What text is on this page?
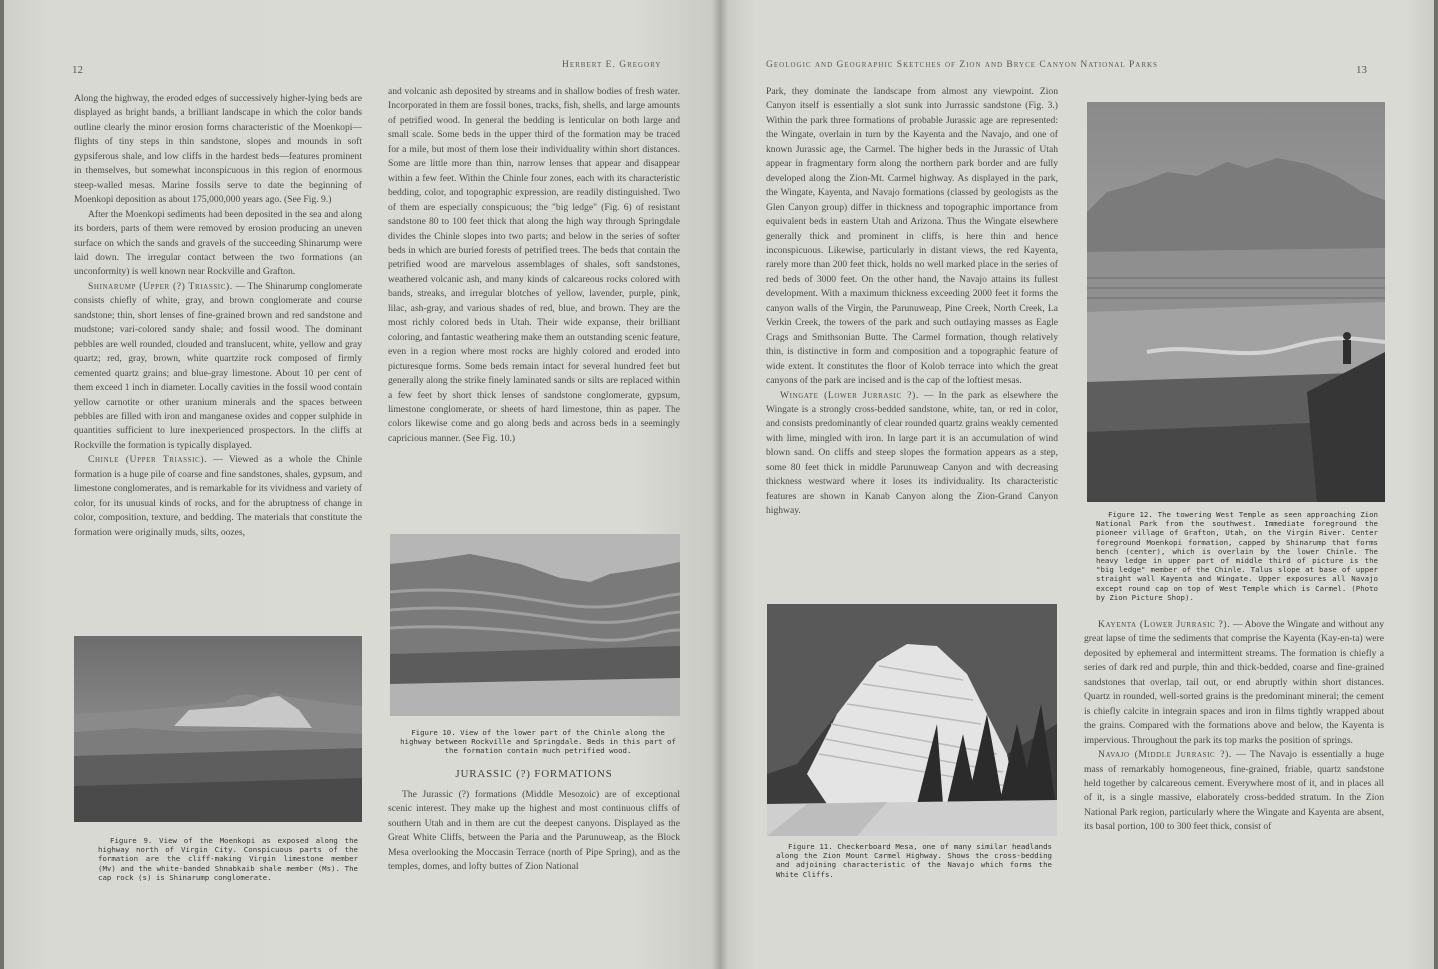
Herbert E. Gregory
12

Along the highway, the eroded edges of successively higher-lying beds are displayed as bright bands, a brilliant landscape in which the color bands outline clearly the minor erosion forms characteristic of the Moenkopi—flights of tiny steps in thin sandstone, slopes and mounds in soft gypsiferous shale, and low cliffs in the hardest beds—features prominent in themselves, but somewhat inconspicuous in this region of enormous steep-walled mesas. Marine fossils serve to date the beginning of Moenkopi deposition as about 175,000,000 years ago. (See Fig. 9.)

After the Moenkopi sediments had been deposited in the sea and along its borders, parts of them were removed by erosion producing an uneven surface on which the sands and gravels of the succeeding Shinarump were laid down. The irregular contact between the two formations (an unconformity) is well known near Rockville and Grafton.

Shinarump (Upper (?) Triassic). — The Shinarump conglomerate consists chiefly of white, gray, and brown conglomerate and course sandstone; thin, short lenses of fine-grained brown and red sandstone and mudstone; vari-colored sandy shale; and fossil wood. The dominant pebbles are well rounded, clouded and translucent, white, yellow and gray quartz; red, gray, brown, white quartzite rock composed of firmly cemented quartz grains; and blue-gray limestone. About 10 per cent of them exceed 1 inch in diameter. Locally cavities in the fossil wood contain yellow carnotite or other uranium minerals and the spaces between pebbles are filled with iron and manganese oxides and copper sulphide in quantities sufficient to lure inexperienced prospectors. In the cliffs at Rockville the formation is typically displayed.

Chinle (Upper Triassic). — Viewed as a whole the Chinle formation is a huge pile of coarse and fine sandstones, shales, gypsum, and limestone conglomerates, and is remarkable for its vividness and variety of color, for its unusual kinds of rocks, and for the abruptness of change in color, composition, texture, and bedding. The materials that constitute the formation were originally muds, silts, oozes,

and volcanic ash deposited by streams and in shallow bodies of fresh water. Incorporated in them are fossil bones, tracks, fish, shells, and large amounts of petrified wood. In general the bedding is lenticular on both large and small scale. Some beds in the upper third of the formation may be traced for a mile, but most of them lose their individuality within short distances. Some are little more than thin, narrow lenses that appear and disappear within a few feet. Within the Chinle four zones, each with its characteristic bedding, color, and topographic expression, are readily distinguished. Two of them are especially conspicuous; the "big ledge" (Fig. 6) of resistant sandstone 80 to 100 feet thick that along the high way through Springdale divides the Chinle slopes into two parts; and below in the series of softer beds in which are buried forests of petrified trees. The beds that contain the petrified wood are marvelous assemblages of shales, soft sandstones, weathered volcanic ash, and many kinds of calcareous rocks colored with bands, streaks, and irregular blotches of yellow, lavender, purple, pink, lilac, ash-gray, and various shades of red, blue, and brown. They are the most richly colored beds in Utah. Their wide expanse, their brilliant coloring, and fantastic weathering make them an outstanding scenic feature, even in a region where most rocks are highly colored and eroded into picturesque forms. Some beds remain intact for several hundred feet but generally along the strike finely laminated sands or silts are replaced within a few feet by short thick lenses of sandstone conglomerate, gypsum, limestone conglomerate, or sheets of hard limestone, thin as paper. The colors likewise come and go along beds and across beds in a seemingly capricious manner. (See Fig. 10.)

Figure 9. View of the Moenkopi as exposed along the highway north of Virgin City. Conspicuous parts of the formation are the cliff-making Virgin limestone member (Mv) and the white-banded Shnabkaib shale member (Ms). The cap rock (s) is Shinarump conglomerate.

Figure 10. View of the lower part of the Chinle along the highway between Rockville and Springdale. Beds in this part of the formation contain much petrified wood.

JURASSIC (?) FORMATIONS

The Jurassic (?) formations (Middle Mesozoic) are of exceptional scenic interest. They make up the highest and most continuous cliffs of southern Utah and in them are cut the deepest canyons. Displayed as the Great White Cliffs, between the Paria and the Parunuweap, as the Block Mesa overlooking the Moccasin Terrace (north of Pipe Spring), and as the temples, domes, and lofty buttes of Zion National

Geologic and Geographic Sketches of Zion and Bryce Canyon National Parks	13

Park, they dominate the landscape from almost any viewpoint. Zion Canyon itself is essentially a slot sunk into Jurrassic sandstone (Fig. 3.) Within the park three formations of probable Jurassic age are represented: the Wingate, overlain in turn by the Kayenta and the Navajo, and one of known Jurassic age, the Carmel. The higher beds in the Jurassic of Utah appear in fragmentary form along the northern park border and are fully developed along the Zion-Mt. Carmel highway. As displayed in the park, the Wingate, Kayenta, and Navajo formations (classed by geologists as the Glen Canyon group) differ in thickness and topographic importance from equivalent beds in eastern Utah and Arizona. Thus the Wingate elsewhere generally thick and prominent in cliffs, is here thin and hence inconspicuous. Likewise, particularly in distant views, the red Kayenta, rarely more than 200 feet thick, holds no well marked place in the series of red beds of 3000 feet. On the other hand, the Navajo attains its fullest development. With a maximum thickness exceeding 2000 feet it forms the canyon walls of the Virgin, the Parunuweap, Pine Creek, North Creek, La Verkin Creek, the towers of the park and such outlaying masses as Eagle Crags and Smithsonian Butte. The Carmel formation, though relatively thin, is distinctive in form and composition and a topographic feature of wide extent. It constitutes the floor of Kolob terrace into which the great canyons of the park are incised and is the cap of the loftiest mesas.

Wingate (Lower Jurrasic ?). — In the park as elsewhere the Wingate is a strongly cross-bedded sandstone, white, tan, or red in color, and consists predominantly of clear rounded quartz grains weakly cemented with lime, mingled with iron. In large part it is an accumulation of wind blown sand. On cliffs and steep slopes the formation appears as a step, some 80 feet thick in middle Parunuweap Canyon and with decreasing thickness westward where it loses its individuality. Its characteristic features are shown in Kanab Canyon along the Zion-Grand Canyon highway.

Figure 11. Checkerboard Mesa, one of many similar headlands along the Zion Mount Carmel Highway. Shows the cross-bedding and adjoining characteristic of the Navajo which forms the White Cliffs.

Figure 12. The towering West Temple as seen approaching Zion National Park from the southwest. Immediate foreground the pioneer village of Grafton, Utah, on the Virgin River. Center foreground Moenkopi formation, capped by Shinarump that forms bench (center), which is overlain by the lower Chinle. The heavy ledge in upper part of middle third of picture is the "big ledge" member of the Chinle. Talus slope at base of upper straight wall Kayenta and Wingate. Upper exposures all Navajo except round cap on top of West Temple which is Carmel. (Photo by Zion Picture Shop).

Kayenta (Lower Jurrasic ?). — Above the Wingate and without any great lapse of time the sediments that comprise the Kayenta (Kay-en-ta) were deposited by ephemeral and intermittent streams. The formation is chiefly a series of dark red and purple, thin and thick-bedded, coarse and fine-grained sandstones that overlap, tail out, or end abruptly within short distances. Quartz in rounded, well-sorted grains is the predominant mineral; the cement is chiefly calcite in integrain spaces and iron in films tightly wrapped about the grains. Compared with the formations above and below, the Kayenta is impervious. Throughout the park its top marks the position of springs.

Navajo (Middle Jurrasic ?). — The Navajo is essentially a huge mass of remarkably homogeneous, fine-grained, friable, quartz sandstone held together by calcareous cement. Everywhere most of it, and in places all of it, is a single massive, elaborately cross-bedded stratum. In the Zion National Park region, particularly where the Wingate and Kayenta are absent, its basal portion, 100 to 300 feet thick, consist of
